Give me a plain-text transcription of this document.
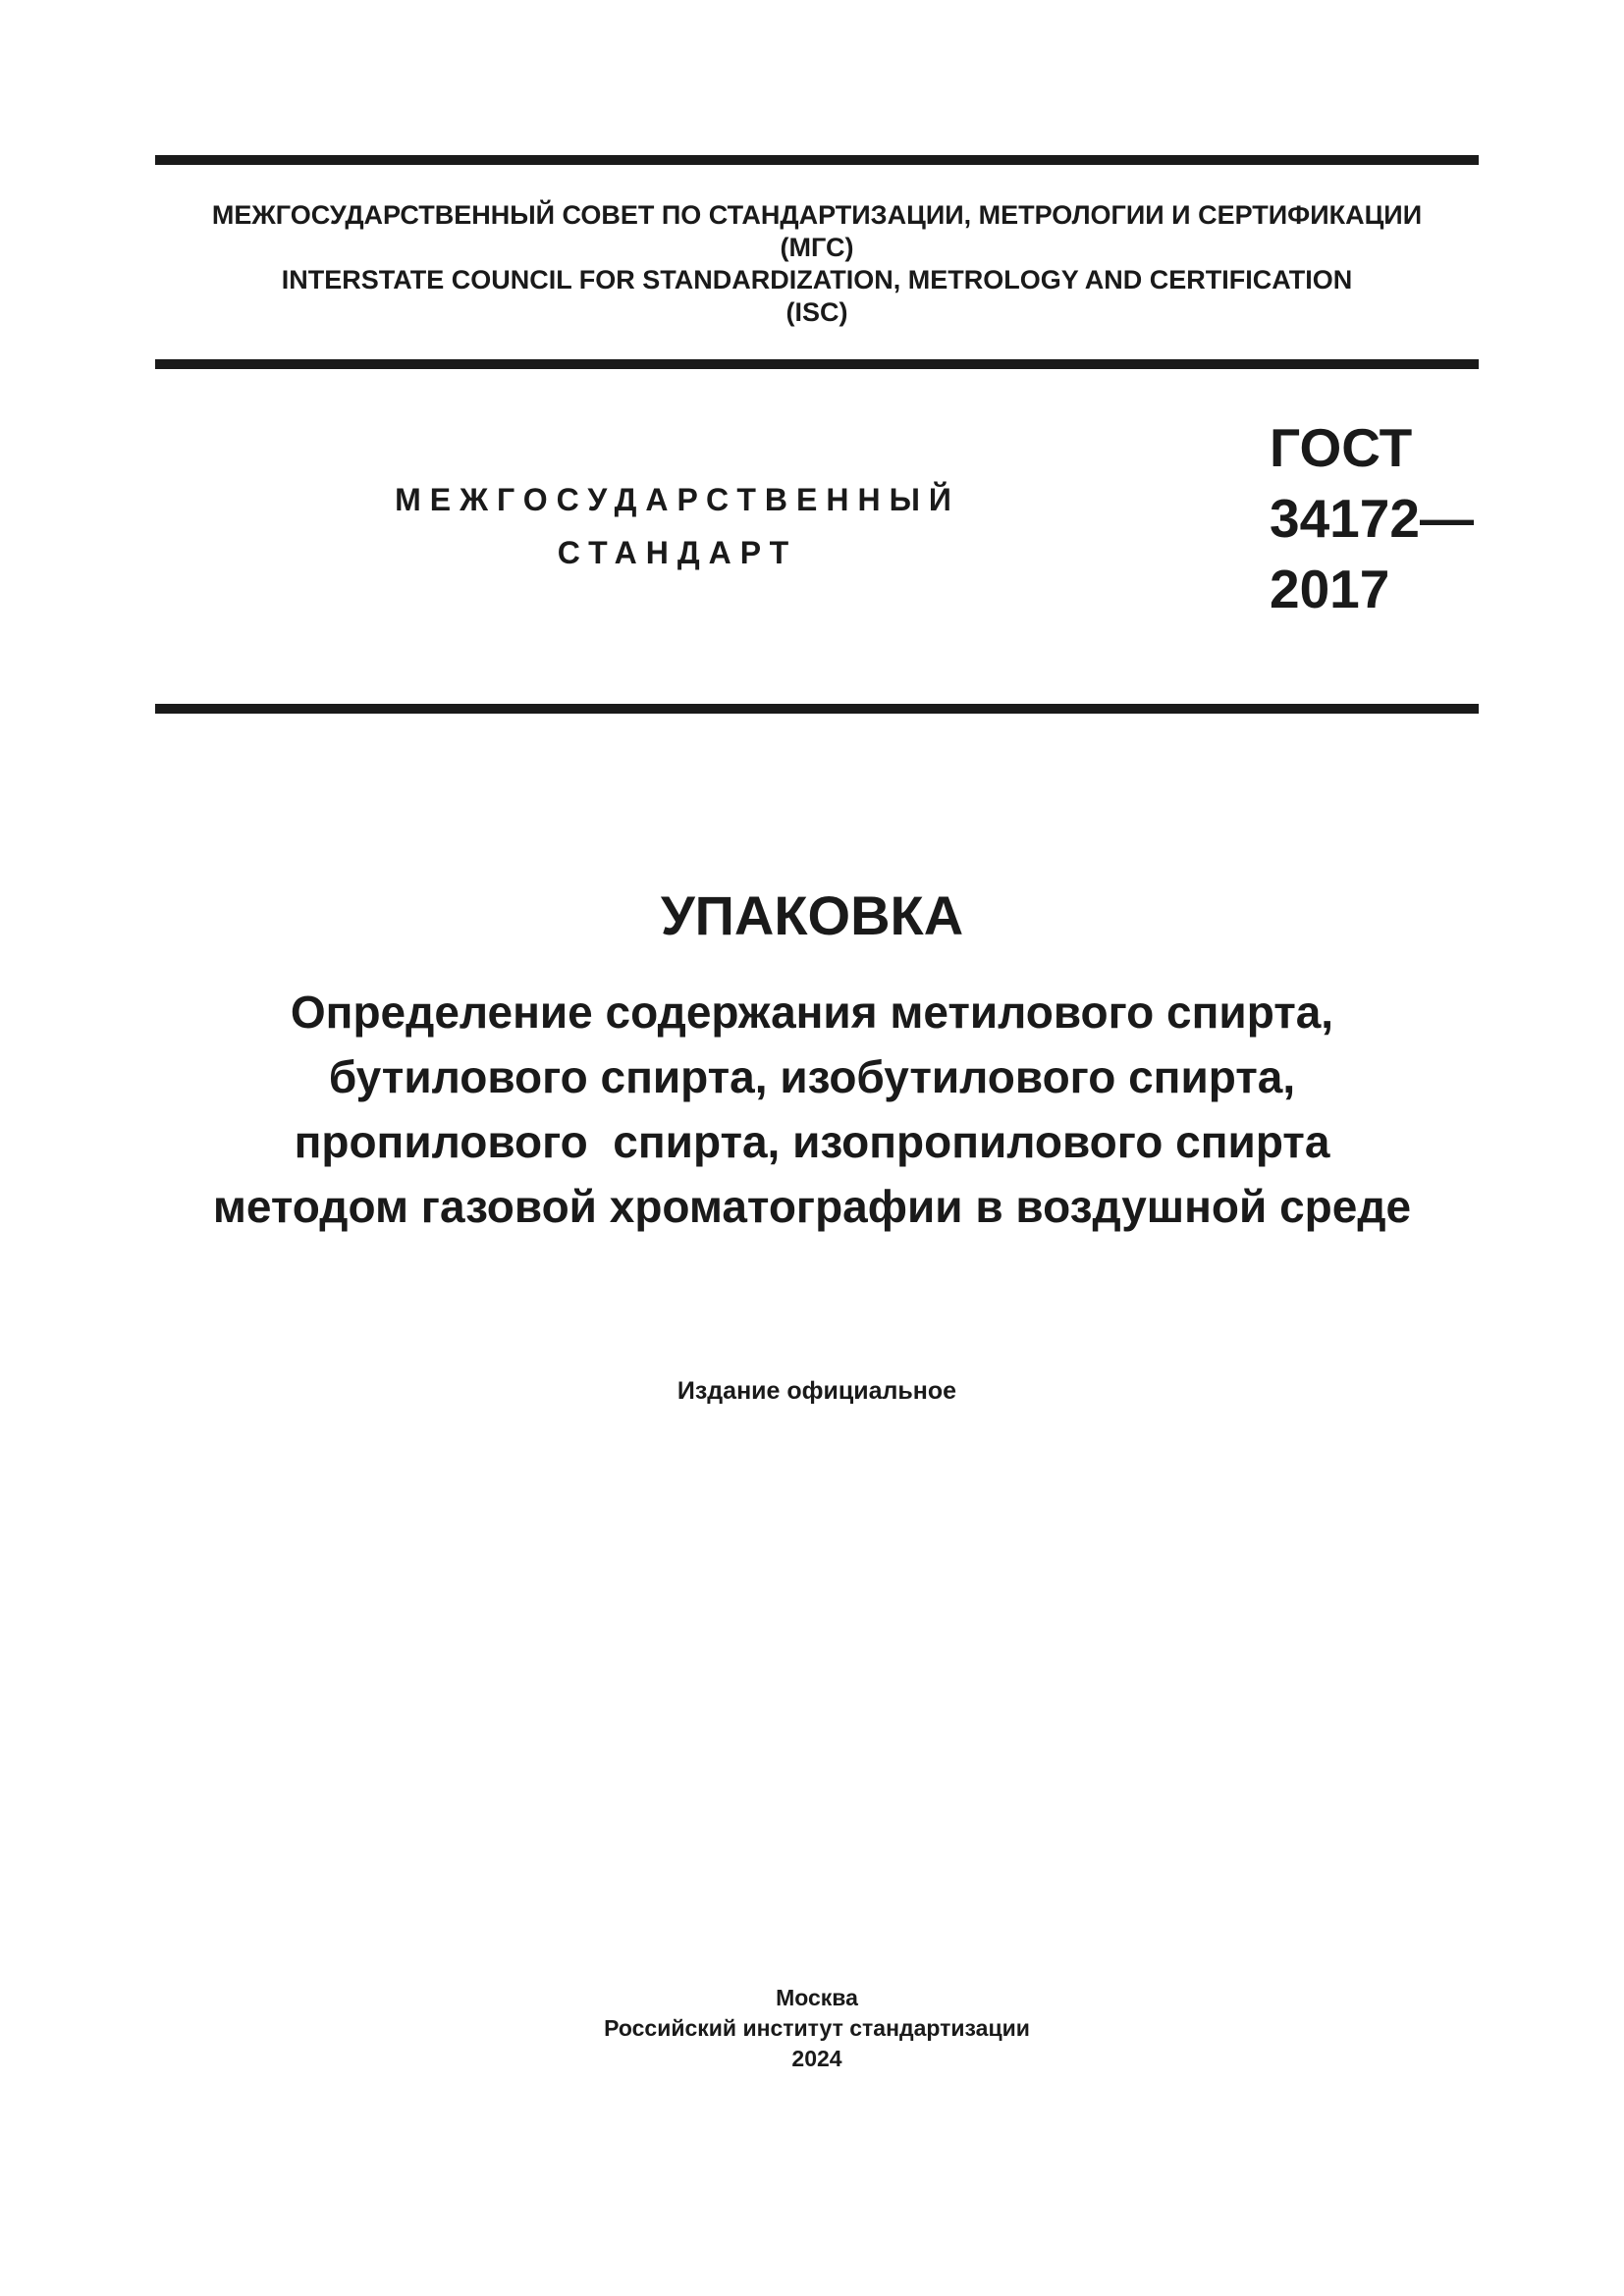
МЕЖГОСУДАРСТВЕННЫЙ СОВЕТ ПО СТАНДАРТИЗАЦИИ, МЕТРОЛОГИИ И СЕРТИФИКАЦИИ
(МГС)
INTERSTATE COUNCIL FOR STANDARDIZATION, METROLOGY AND CERTIFICATION
(ISC)
МЕЖГОСУДАРСТВЕННЫЙ
СТАНДАРТ
ГОСТ
34172—
2017
УПАКОВКА
Определение содержания метилового спирта,
бутилового спирта, изобутилового спирта,
пропилового  спирта, изопропилового спирта
методом газовой хроматографии в воздушной среде
Издание официальное
Москва
Российский институт стандартизации
2024
